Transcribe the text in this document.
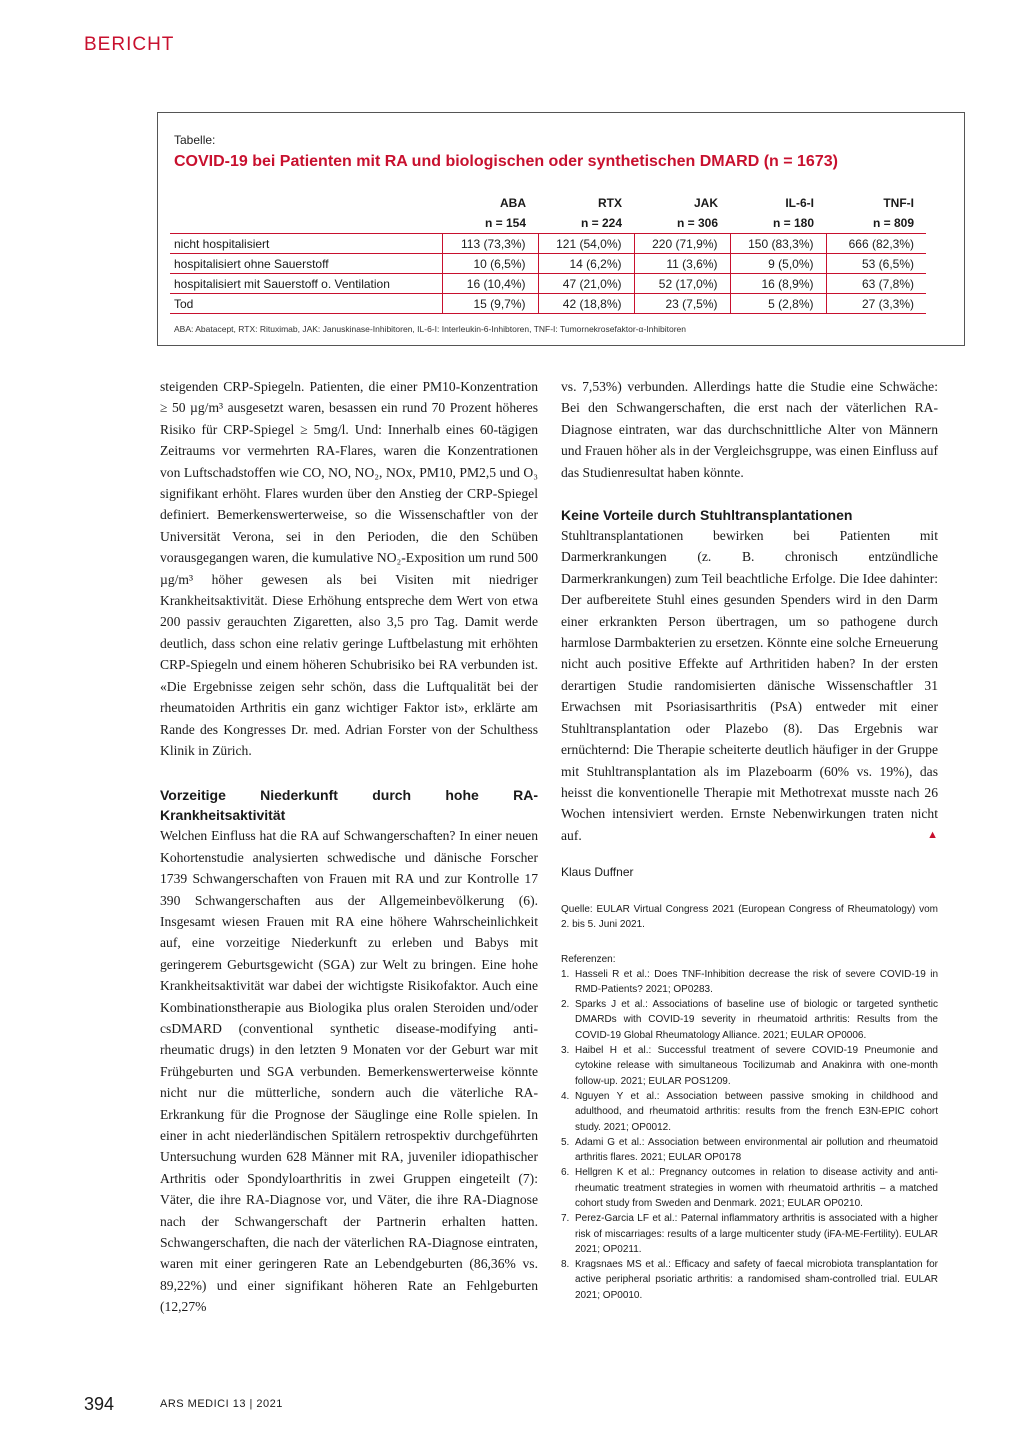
BERICHT
Tabelle:
COVID-19 bei Patienten mit RA und biologischen oder synthetischen DMARD (n = 1673)
	ABA	RTX	JAK	IL-6-I	TNF-I
	n = 154	n = 224	n = 306	n = 180	n = 809
nicht hospitalisiert	113 (73,3%)	121 (54,0%)	220 (71,9%)	150 (83,3%)	666 (82,3%)
hospitalisiert ohne Sauerstoff	10 (6,5%)	14 (6,2%)	11 (3,6%)	9 (5,0%)	53 (6,5%)
hospitalisiert mit Sauerstoff o. Ventilation	16 (10,4%)	47 (21,0%)	52 (17,0%)	16 (8,9%)	63 (7,8%)
Tod	15 (9,7%)	42 (18,8%)	23 (7,5%)	5 (2,8%)	27 (3,3%)
ABA: Abatacept, RTX: Rituximab, JAK: Januskinase-Inhibitoren, IL-6-I: Interleukin-6-Inhibtoren, TNF-I: Tumornekrosefaktor-α-Inhibitoren

steigenden CRP-Spiegeln. Patienten, die einer PM10-Konzentration ≥ 50 µg/m³ ausgesetzt waren, besassen ein rund 70 Prozent höheres Risiko für CRP-Spiegel ≥ 5mg/l. Und: Innerhalb eines 60-tägigen Zeitraums vor vermehrten RA-Flares, waren die Konzentrationen von Luftschadstoffen wie CO, NO, NO₂, NOx, PM10, PM2,5 und O₃ signifikant erhöht. Flares wurden über den Anstieg der CRP-Spiegel definiert. Bemerkenswerterweise, so die Wissenschaftler von der Universität Verona, sei in den Perioden, die den Schüben vorausgegangen waren, die kumulative NO₂-Exposition um rund 500 µg/m³ höher gewesen als bei Visiten mit niedriger Krankheitsaktivität. Diese Erhöhung entspreche dem Wert von etwa 200 passiv gerauchten Zigaretten, also 3,5 pro Tag. Damit werde deutlich, dass schon eine relativ geringe Luftbelastung mit erhöhten CRP-Spiegeln und einem höheren Schubrisiko bei RA verbunden ist. «Die Ergebnisse zeigen sehr schön, dass die Luftqualität bei der rheumatoiden Arthritis ein ganz wichtiger Faktor ist», erklärte am Rande des Kongresses Dr. med. Adrian Forster von der Schulthess Klinik in Zürich.

Vorzeitige Niederkunft durch hohe RA-Krankheitsaktivität

Welchen Einfluss hat die RA auf Schwangerschaften? In einer neuen Kohortenstudie analysierten schwedische und dänische Forscher 1739 Schwangerschaften von Frauen mit RA und zur Kontrolle 17 390 Schwangerschaften aus der Allgemeinbevölkerung (6). Insgesamt wiesen Frauen mit RA eine höhere Wahrscheinlichkeit auf, eine vorzeitige Niederkunft zu erleben und Babys mit geringerem Geburtsgewicht (SGA) zur Welt zu bringen. Eine hohe Krankheitsaktivität war dabei der wichtigste Risikofaktor. Auch eine Kombinationstherapie aus Biologika plus oralen Steroiden und/oder csDMARD (conventional synthetic disease-modifying anti-rheumatic drugs) in den letzten 9 Monaten vor der Geburt war mit Frühgeburten und SGA verbunden. Bemerkenswerterweise könnte nicht nur die mütterliche, sondern auch die väterliche RA-Erkrankung für die Prognose der Säuglinge eine Rolle spielen. In einer in acht niederländischen Spitälern retrospektiv durchgeführten Untersuchung wurden 628 Männer mit RA, juveniler idiopathischer Arthritis oder Spondyloarthritis in zwei Gruppen eingeteilt (7): Väter, die ihre RA-Diagnose vor, und Väter, die ihre RA-Diagnose nach der Schwangerschaft der Partnerin erhalten hatten. Schwangerschaften, die nach der väterlichen RA-Diagnose eintraten, waren mit einer geringeren Rate an Lebendgeburten (86,36% vs. 89,22%) und einer signifikant höheren Rate an Fehlgeburten (12,27%

vs. 7,53%) verbunden. Allerdings hatte die Studie eine Schwäche: Bei den Schwangerschaften, die erst nach der väterlichen RA-Diagnose eintraten, war das durchschnittliche Alter von Männern und Frauen höher als in der Vergleichsgruppe, was einen Einfluss auf das Studienresultat haben könnte.

Keine Vorteile durch Stuhltransplantationen

Stuhltransplantationen bewirken bei Patienten mit Darmerkrankungen (z. B. chronisch entzündliche Darmerkrankungen) zum Teil beachtliche Erfolge. Die Idee dahinter: Der aufbereitete Stuhl eines gesunden Spenders wird in den Darm einer erkrankten Person übertragen, um so pathogene durch harmlose Darmbakterien zu ersetzen. Könnte eine solche Erneuerung nicht auch positive Effekte auf Arthritiden haben? In der ersten derartigen Studie randomisierten dänische Wissenschaftler 31 Erwachsen mit Psoriasisarthritis (PsA) entweder mit einer Stuhltransplantation oder Plazebo (8). Das Ergebnis war ernüchternd: Die Therapie scheiterte deutlich häufiger in der Gruppe mit Stuhltransplantation als im Plazeboarm (60% vs. 19%), das heisst die konventionelle Therapie mit Methotrexat musste nach 26 Wochen intensiviert werden. Ernste Nebenwirkungen traten nicht auf.	▲

Klaus Duffner
Quelle: EULAR Virtual Congress 2021 (European Congress of Rheumatology) vom 2. bis 5. Juni 2021.
Referenzen:
1. Hasseli R et al.: Does TNF-Inhibition decrease the risk of severe COVID-19 in RMD-Patients? 2021; OP0283.
2. Sparks J et al.: Associations of baseline use of biologic or targeted synthetic DMARDs with COVID-19 severity in rheumatoid arthritis: Results from the COVID-19 Global Rheumatology Alliance. 2021; EULAR OP0006.
3. Haibel H et al.: Successful treatment of severe COVID-19 Pneumonie and cytokine release with simultaneous Tocilizumab and Anakinra with one-month follow-up. 2021; EULAR POS1209.
4. Nguyen Y et al.: Association between passive smoking in childhood and adulthood, and rheumatoid arthritis: results from the french E3N-EPIC cohort study. 2021; OP0012.
5. Adami G et al.: Association between environmental air pollution and rheumatoid arthritis flares. 2021; EULAR OP0178
6. Hellgren K et al.: Pregnancy outcomes in relation to disease activity and anti-rheumatic treatment strategies in women with rheumatoid arthritis – a matched cohort study from Sweden and Denmark. 2021; EULAR OP0210.
7. Perez-Garcia LF et al.: Paternal inflammatory arthritis is associated with a higher risk of miscarriages: results of a large multicenter study (iFA-ME-Fertility). EULAR 2021; OP0211.
8. Kragsnaes MS et al.: Efficacy and safety of faecal microbiota transplantation for active peripheral psoriatic arthritis: a randomised sham-controlled trial. EULAR 2021; OP0010.
394	ARS MEDICI 13 | 2021
